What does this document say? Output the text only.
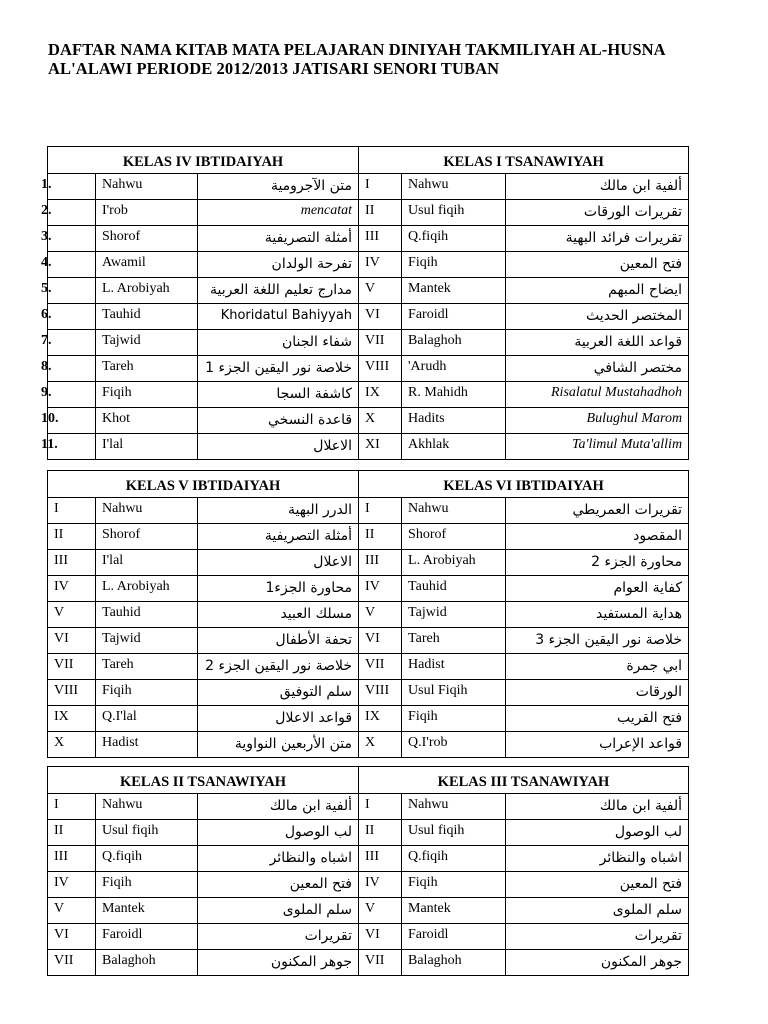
DAFTAR NAMA KITAB MATA PELAJARAN DINIYAH TAKMILIYAH AL-HUSNA
AL'ALAWI PERIODE 2012/2013 JATISARI SENORI TUBAN
KELAS IV IBTIDAIYAH			KELAS I TSANAWIYAH		
1.	Nahwu	متن الآجرومية	I	Nahwu	ألفية ابن مالك
2.	I'rob	mencatat	II	Usul fiqih	تقريرات الورقات
3.	Shorof	أمثلة التصريفية	III	Q.fiqih	تقريرات فرائد البهية
4.	Awamil	تفرحة الولدان	IV	Fiqih	فتح المعين
5.	L. Arobiyah	مدارج تعليم اللغة العربية	V	Mantek	ايضاح المبهم
6.	Tauhid	Khoridatul Bahiyyah	VI	Faroidl	المختصر الحديث
7.	Tajwid	شفاء الجنان	VII	Balaghoh	قواعد اللغة العربية
8.	Tareh	خلاصة نور اليقين الجزء 1	VIII	'Arudh	مختصر الشافي
9.	Fiqih	كاشفة السجا	IX	R. Mahidh	Risalatul Mustahadhoh
10.	Khot	قاعدة النسخي	X	Hadits	Bulughul Marom
11.	I'lal	الاعلال	XI	Akhlak	Ta'limul Muta'allim
KELAS V IBTIDAIYAH			KELAS VI IBTIDAIYAH		
I	Nahwu	الدرر البهية	I	Nahwu	تقريرات العمريطي
II	Shorof	أمثلة التصريفية	II	Shorof	المقصود
III	I'lal	الاعلال	III	L. Arobiyah	محاورة الجزء 2
IV	L. Arobiyah	محاورة الجزء1	IV	Tauhid	كفاية العوام
V	Tauhid	مسلك العبيد	V	Tajwid	هداية المستفيد
VI	Tajwid	تحفة الأطفال	VI	Tareh	خلاصة نور اليقين الجزء 3
VII	Tareh	خلاصة نور اليقين الجزء 2	VII	Hadist	ابي جمرة
VIII	Fiqih	سلم التوفيق	VIII	Usul Fiqih	الورقات
IX	Q.I'lal	قواعد الاعلال	IX	Fiqih	فتح القريب
X	Hadist	متن الأربعين النواوية	X	Q.I'rob	قواعد الإعراب
KELAS II TSANAWIYAH			KELAS III TSANAWIYAH		
I	Nahwu	ألفية ابن مالك	I	Nahwu	ألفية ابن مالك
II	Usul fiqih	لب الوصول	II	Usul fiqih	لب الوصول
III	Q.fiqih	اشباه والنظائر	III	Q.fiqih	اشباه والنظائر
IV	Fiqih	فتح المعين	IV	Fiqih	فتح المعين
V	Mantek	سلم الملوى	V	Mantek	سلم الملوى
VI	Faroidl	تقريرات	VI	Faroidl	تقريرات
VII	Balaghoh	جوهر المكنون	VII	Balaghoh	جوهر المكنون
